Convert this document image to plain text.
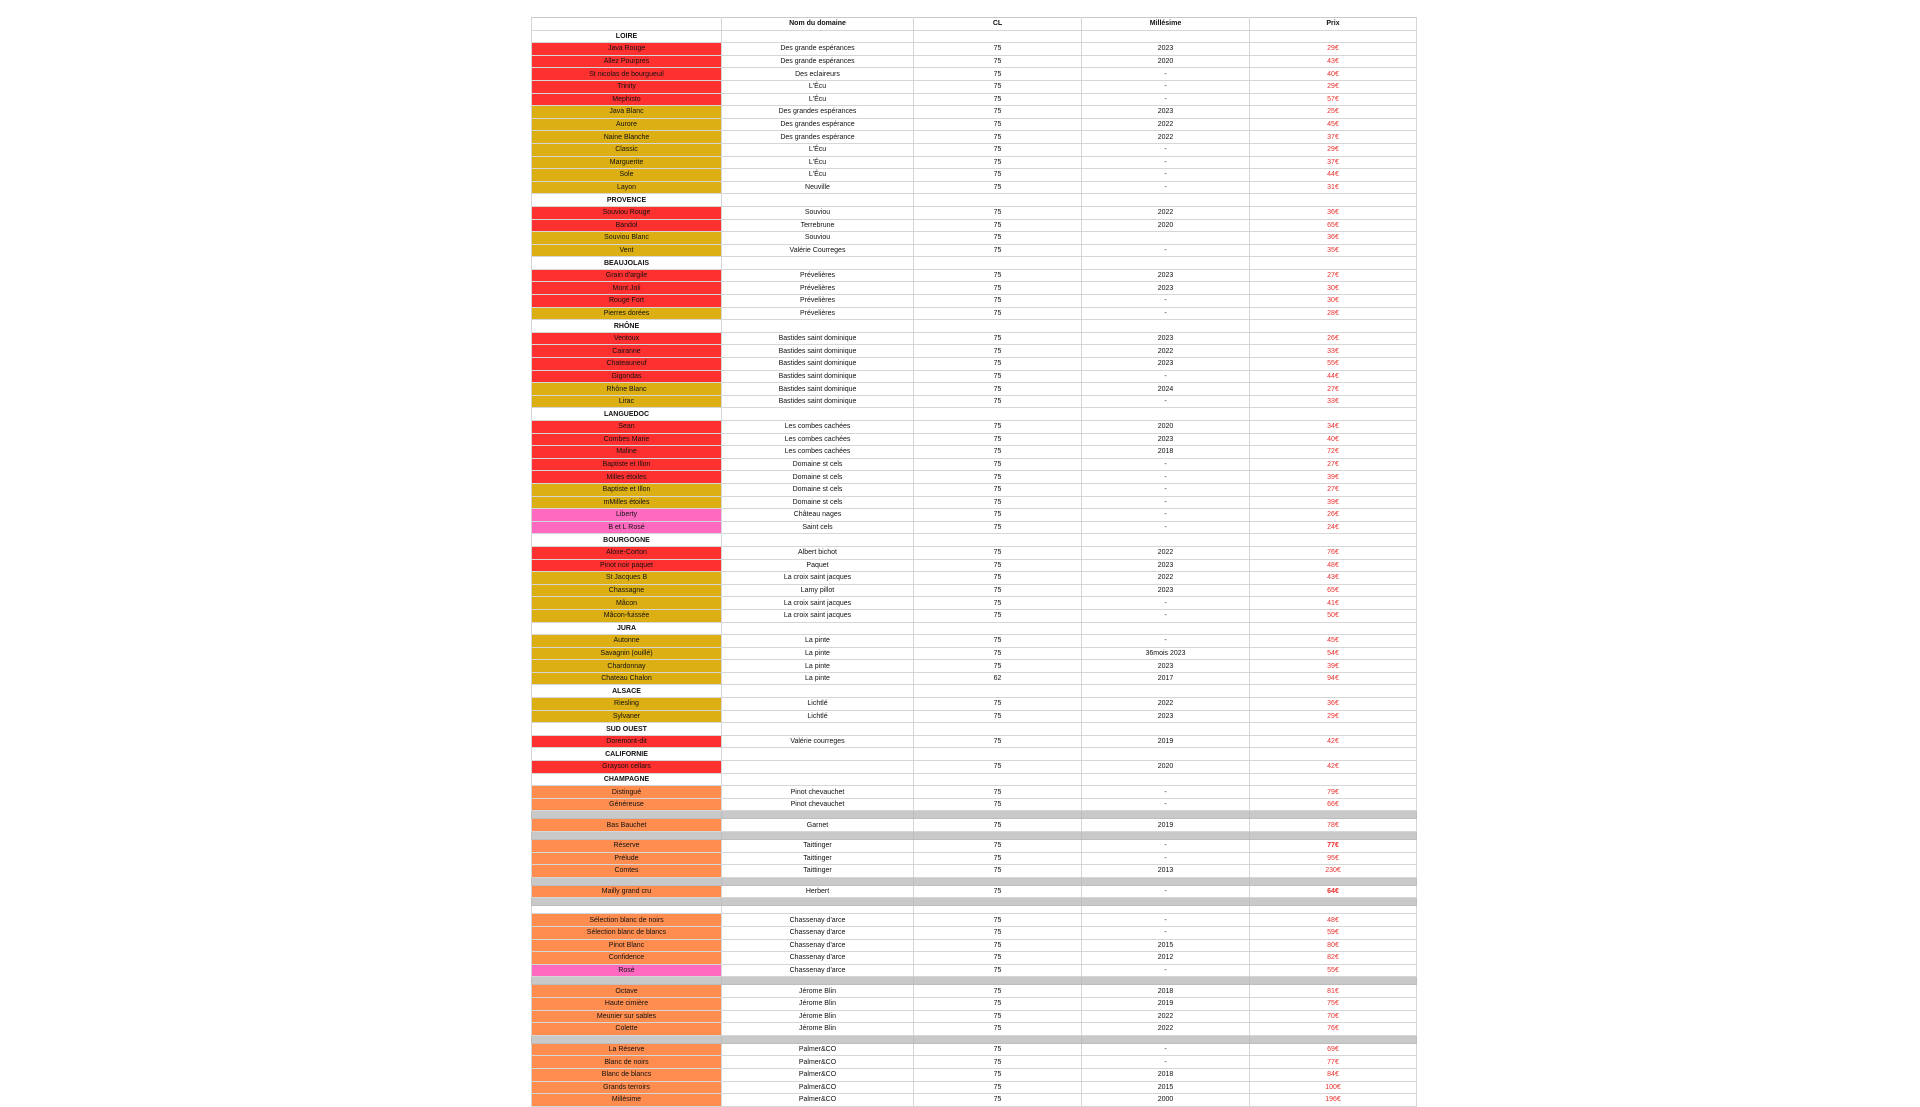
	Nom du domaine	CL	Millésime	Prix
LOIRE				
Java Rouge	Des grande espérances	75	2023	29€
Allez Pourpres	Des grande espérances	75	2020	43€
St nicolas de bourgueuil	Des eclaireurs	75	-	40€
Trinity	L'Écu	75	-	29€
Mephisto	L'Écu	75	-	57€
Java Blanc	Des grandes espérances	75	2023	25€
Aurore	Des grandes espérance	75	2022	45€
Naine Blanche	Des grandes espérance	75	2022	37€
Classic	L'Écu	75	-	29€
Marguerite	L'Écu	75	-	37€
Sole	L'Écu	75	-	44€
Layon	Neuville	75	-	31€
PROVENCE				
Souviou Rouge	Souviou	75	2022	36€
Bandol	Terrebrune	75	2020	65€
Souviou Blanc	Souviou	75		36€
Vent	Valérie Courreges	75	-	35€
BEAUJOLAIS				
Grain d'argile	Prévelières	75	2023	27€
Mont Joli	Prévelières	75	2023	30€
Rouge Fort	Prévelières	75	-	30€
Pierres dorées	Prévelières	75	-	28€
RHÔNE				
Ventoux	Bastides saint dominique	75	2023	26€
Cairanne	Bastides saint dominique	75	2022	33€
Chateauneuf	Bastides saint dominique	75	2023	55€
Gigondas	Bastides saint dominique	75	-	44€
Rhône Blanc	Bastides saint dominique	75	2024	27€
Lirac	Bastides saint dominique	75	-	33€
LANGUEDOC				
Sean	Les combes cachées	75	2020	34€
Combes Marie	Les combes cachées	75	2023	40€
Maline	Les combes cachées	75	2018	72€
Baptiste et Illon	Domaine st cels	75	-	27€
Milles étoiles	Domaine st cels	75	-	39€
Baptiste et Illon	Domaine st cels	75	-	27€
mMilles étoiles	Domaine st cels	75	-	39€
Liberty	Château nages	75	-	26€
B et L Rosé	Saint cels	75	-	24€
BOURGOGNE				
Aloxe-Corton	Albert bichot	75	2022	76€
Pinot noir paquet	Paquet	75	2023	48€
St Jacques B	La croix saint jacques	75	2022	43€
Chassagne	Lamy pillot	75	2023	65€
Mâcon	La croix saint jacques	75	-	41€
Mâcon-fuissée	La croix saint jacques	75	-	50€
JURA				
Autonne	La pinte	75	-	45€
Savagnin (ouillé)	La pinte	75	36mois 2023	54€
Chardonnay	La pinte	75	2023	39€
Chateau Chalon	La pinte	62	2017	94€
ALSACE				
Riesling	Lichtlé	75	2022	36€
Sylvaner	Lichtlé	75	2023	29€
SUD OUEST				
Doremont-dit	Valérie courreges	75	2019	42€
CALIFORNIE				
Grayson cellars		75	2020	42€
CHAMPAGNE				
Distingué	Pinot chevauchet	75	-	79€
Généreuse	Pinot chevauchet	75	-	66€

Bas Bauchet	Garnet	75	2019	78€

Réserve	Taittinger	75	-	77€
Prélude	Taittinger	75	-	95€
Comtes	Taittinger	75	2013	230€

Mailly grand cru	Herbert	75	-	64€

Sélection blanc de noirs	Chassenay d'arce	75	-	48€
Sélection blanc de blancs	Chassenay d'arce	75	-	59€
Pinot Blanc	Chassenay d'arce	75	2015	80€
Confidence	Chassenay d'arce	75	2012	82€
Rosé	Chassenay d'arce	75	-	55€

Octave	Jérome Blin	75	2018	81€
Haute cimière	Jérome Blin	75	2019	75€
Meunier sur sables	Jérome Blin	75	2022	70€
Colette	Jérome Blin	75	2022	76€

La Réserve	Palmer&CO	75	-	69€
Blanc de noirs	Palmer&CO	75	-	77€
Blanc de blancs	Palmer&CO	75	2018	84€
Grands terroirs	Palmer&CO	75	2015	100€
Millésime	Palmer&CO	75	2000	196€
